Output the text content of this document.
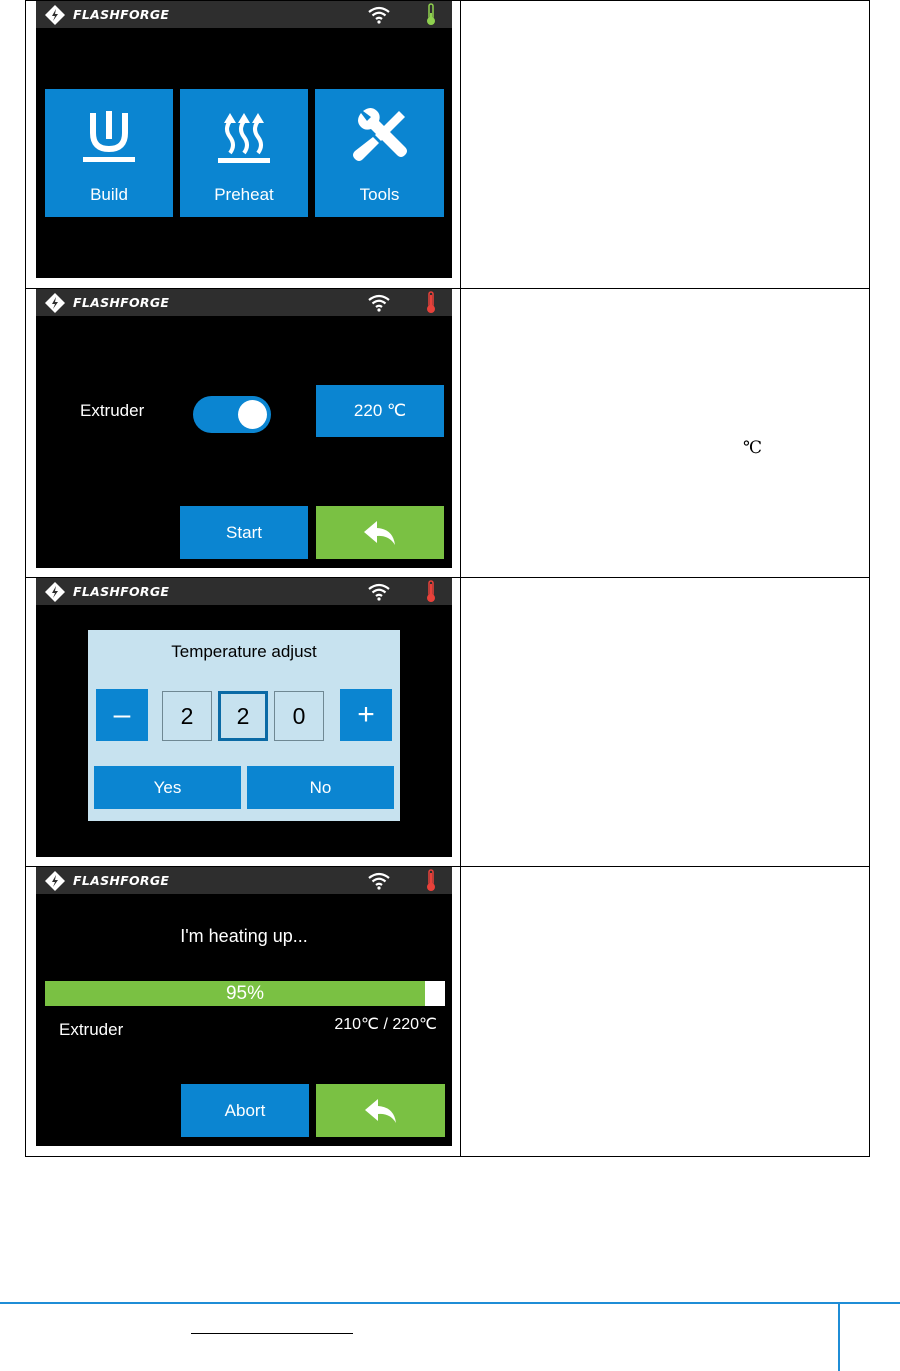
FLASHFORGE
Build	Preheat	Tools
FLASHFORGE
Extruder	220 ℃
Start
℃
FLASHFORGE
Temperature adjust
–	2	2	0	+
Yes	No
FLASHFORGE
I'm heating up...
95%
Extruder	210℃ / 220℃
Abort
